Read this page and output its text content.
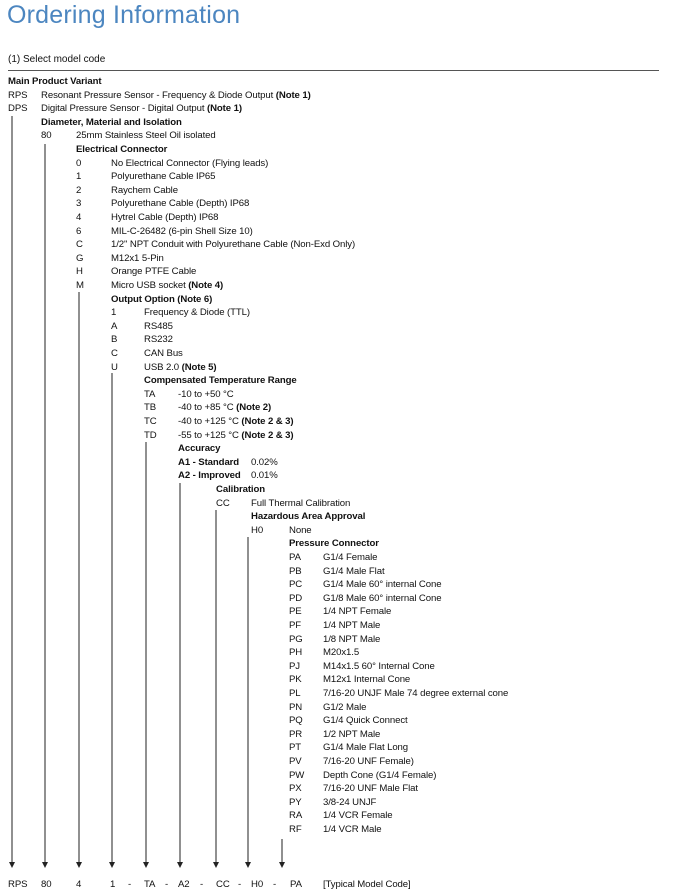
Ordering Information
(1) Select model code
Main Product Variant
RPS Resonant Pressure Sensor - Frequency & Diode Output (Note 1)
DPS Digital Pressure Sensor - Digital Output (Note 1)
Diameter, Material and Isolation
80	25mm Stainless Steel Oil isolated
Electrical Connector
0	No Electrical Connector (Flying leads)
1	Polyurethane Cable IP65
2	Raychem Cable
3	Polyurethane Cable (Depth) IP68
4	Hytrel Cable (Depth) IP68
6	MIL-C-26482 (6-pin Shell Size 10)
C	1/2" NPT Conduit with Polyurethane Cable (Non-Exd Only)
G	M12x1 5-Pin
H	Orange PTFE Cable
M	Micro USB socket (Note 4)
Output Option (Note 6)
1	Frequency & Diode (TTL)
A	RS485
B	RS232
C	CAN Bus
U	USB 2.0 (Note 5)
Compensated Temperature Range
TA -10 to +50 °C
TB -40 to +85 °C (Note 2)
TC -40 to +125 °C (Note 2 & 3)
TD -55 to +125 °C (Note 2 & 3)
Accuracy
A1 - Standard 0.02%
A2 - Improved 0.01%
Calibration
CC Full Thermal Calibration
Hazardous Area Approval
H0	None
Pressure Connector
PA G1/4 Female
PB G1/4 Male Flat
PC G1/4 Male 60° internal Cone
PD G1/8 Male 60° internal Cone
PE 1/4 NPT Female
PF 1/4 NPT Male
PG 1/8 NPT Male
PH M20x1.5
PJ M14x1.5 60° Internal Cone
PK M12x1 Internal Cone
PL 7/16-20 UNJF Male 74 degree external cone
PN G1/2 Male
PQ G1/4 Quick Connect
PR 1/2 NPT Male
PT G1/4 Male Flat Long
PV 7/16-20 UNF Female)
PW Depth Cone (G1/4 Female)
PX 7/16-20 UNF Male Flat
PY 3/8-24 UNJF
RA 1/4 VCR Female
RF 1/4 VCR Male
RPS 80	4	1 - TA - A2 - CC - H0 - PA [Typical Model Code]
